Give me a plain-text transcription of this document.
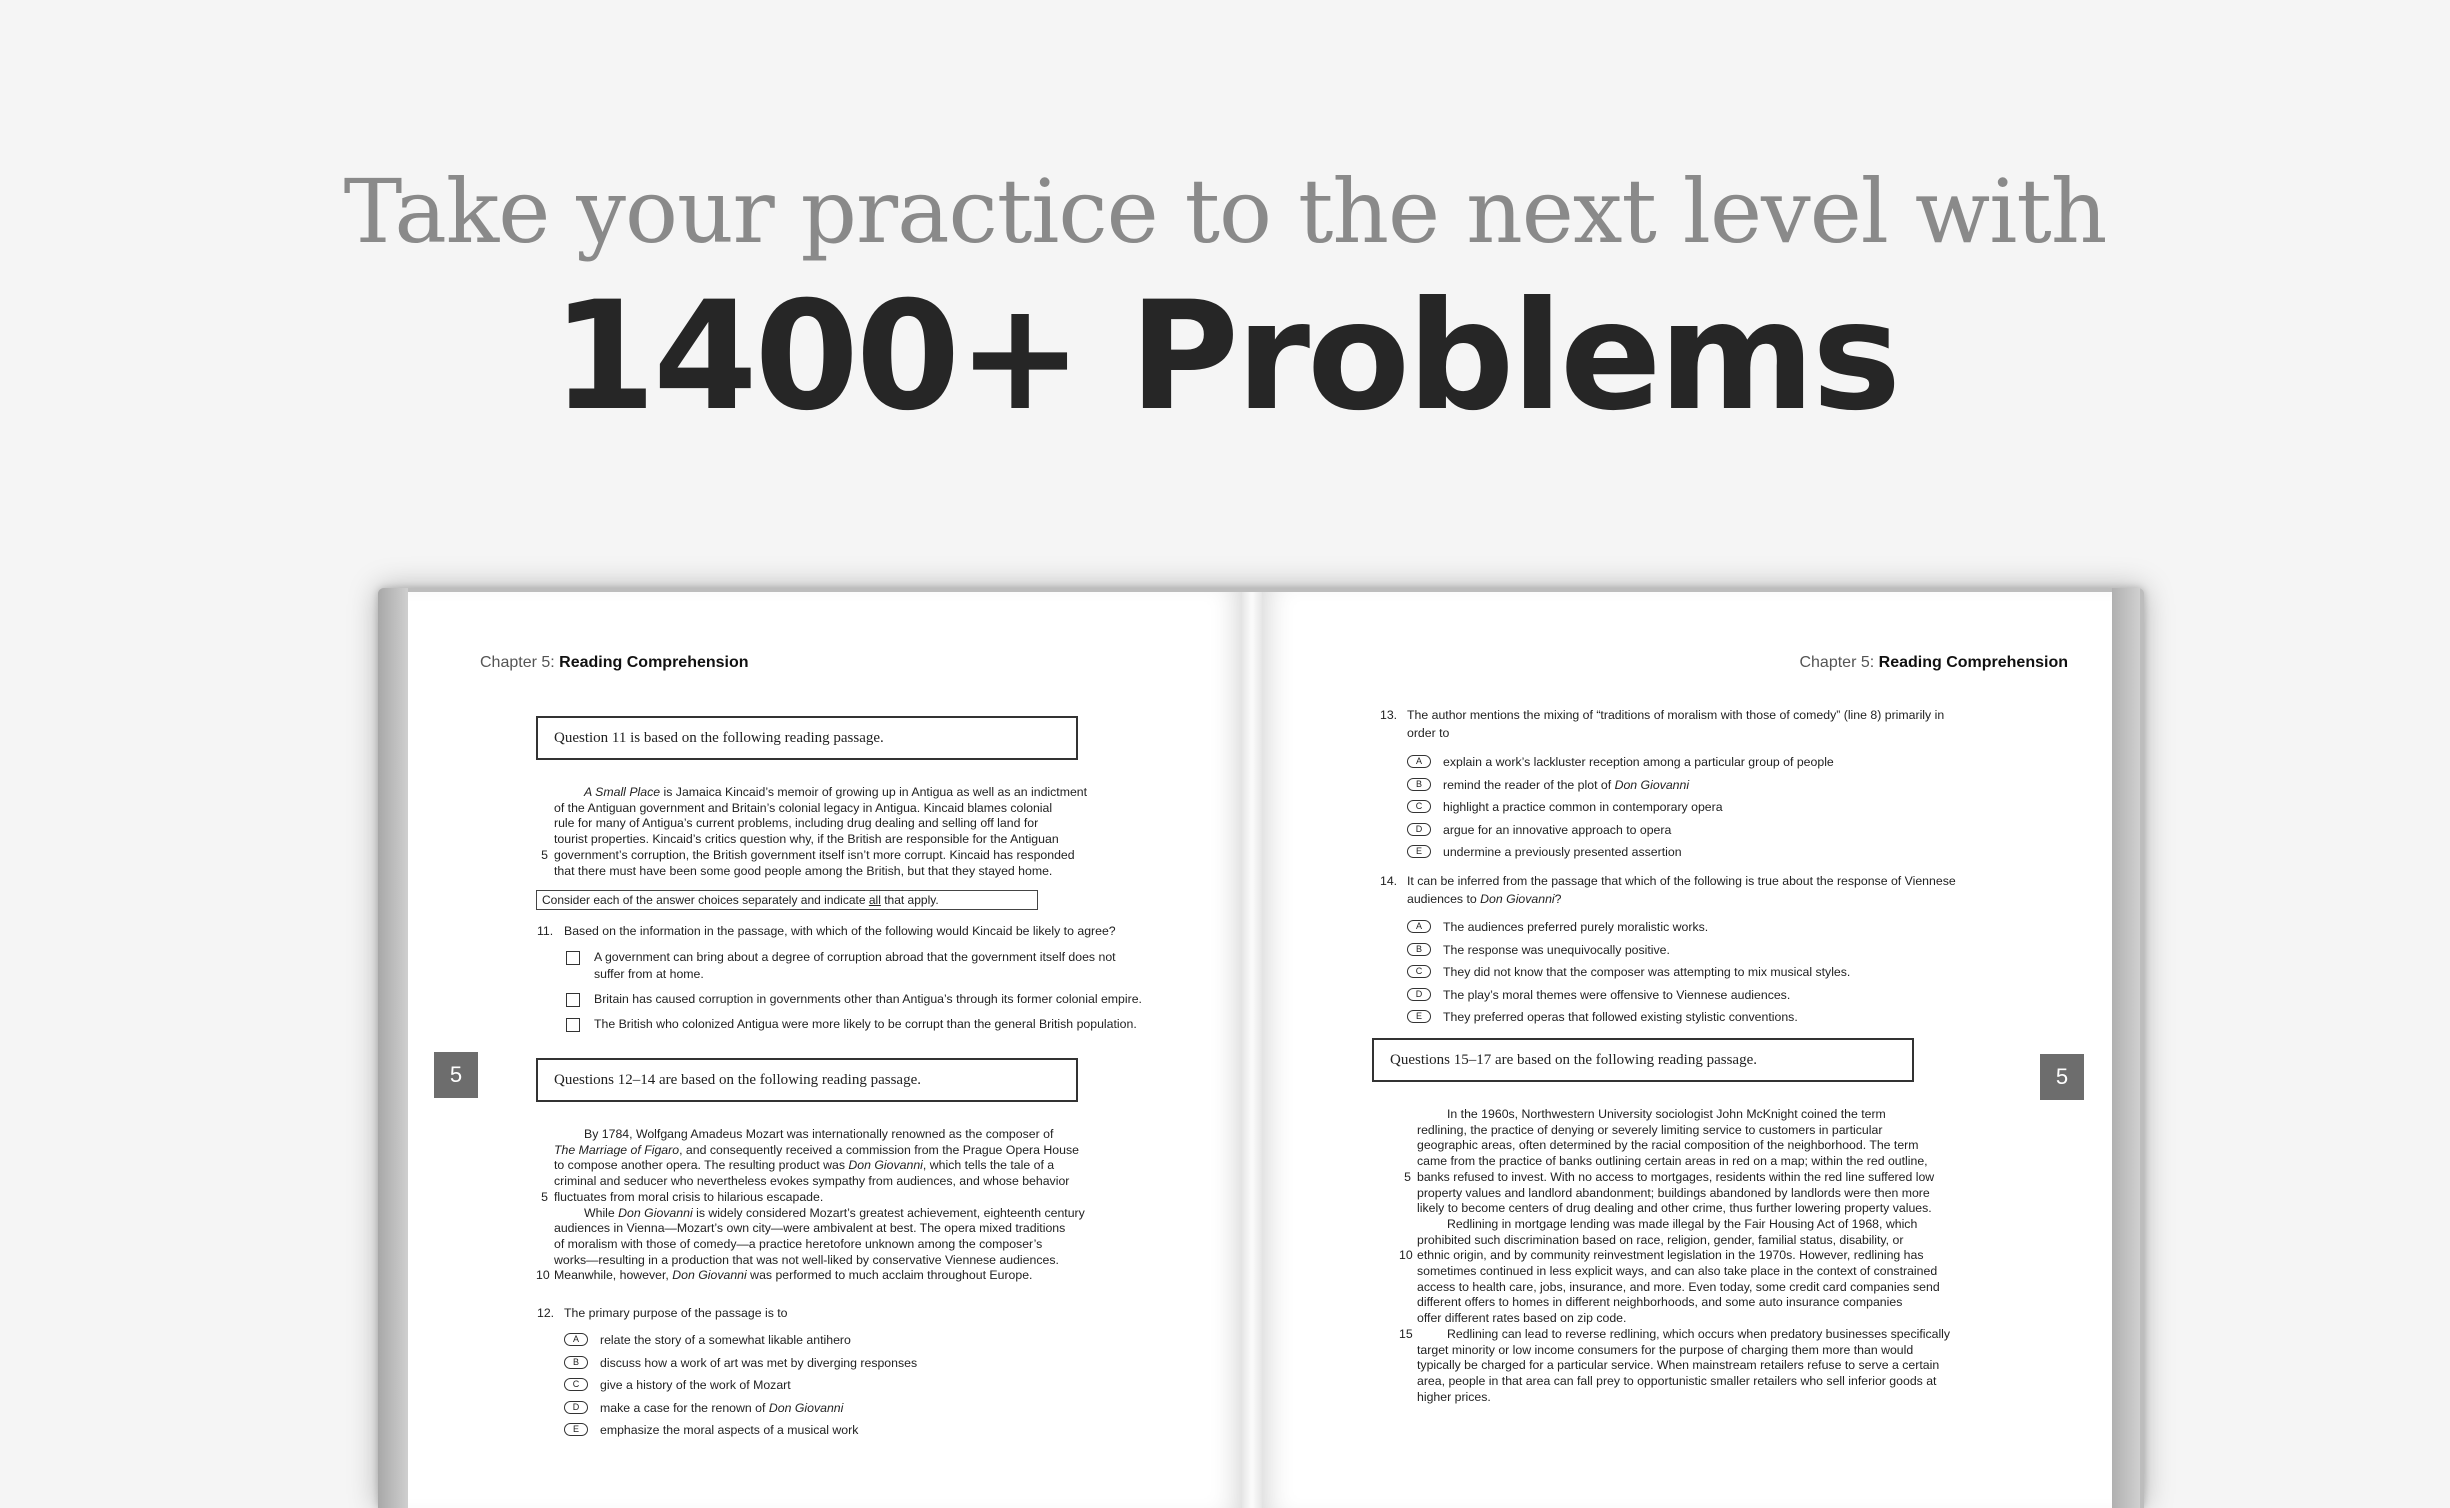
Take your practice to the next level with
1400+ Problems
Chapter 5: Reading Comprehension
Question 11 is based on the following reading passage.
A Small Place is Jamaica Kincaid’s memoir of growing up in Antigua as well as an indictment
of the Antiguan government and Britain’s colonial legacy in Antigua. Kincaid blames colonial
rule for many of Antigua’s current problems, including drug dealing and selling off land for
tourist properties. Kincaid’s critics question why, if the British are responsible for the Antiguan
5 government’s corruption, the British government itself isn’t more corrupt. Kincaid has responded
that there must have been some good people among the British, but that they stayed home.
Consider each of the answer choices separately and indicate all that apply.
11. Based on the information in the passage, with which of the following would Kincaid be likely to agree?
A government can bring about a degree of corruption abroad that the government itself does not suffer from at home.
Britain has caused corruption in governments other than Antigua’s through its former colonial empire.
The British who colonized Antigua were more likely to be corrupt than the general British population.
Questions 12–14 are based on the following reading passage.
By 1784, Wolfgang Amadeus Mozart was internationally renowned as the composer of
The Marriage of Figaro, and consequently received a commission from the Prague Opera House
to compose another opera. The resulting product was Don Giovanni, which tells the tale of a
criminal and seducer who nevertheless evokes sympathy from audiences, and whose behavior
5 fluctuates from moral crisis to hilarious escapade.
While Don Giovanni is widely considered Mozart’s greatest achievement, eighteenth century
audiences in Vienna—Mozart’s own city—were ambivalent at best. The opera mixed traditions
of moralism with those of comedy—a practice heretofore unknown among the composer’s
works—resulting in a production that was not well-liked by conservative Viennese audiences.
10 Meanwhile, however, Don Giovanni was performed to much acclaim throughout Europe.
12. The primary purpose of the passage is to
A	relate the story of a somewhat likable antihero
B	discuss how a work of art was met by diverging responses
C	give a history of the work of Mozart
D	make a case for the renown of Don Giovanni
E	emphasize the moral aspects of a musical work
Chapter 5: Reading Comprehension
13. The author mentions the mixing of “traditions of moralism with those of comedy” (line 8) primarily in
order to
A	explain a work’s lackluster reception among a particular group of people
B	remind the reader of the plot of Don Giovanni
C	highlight a practice common in contemporary opera
D	argue for an innovative approach to opera
E	undermine a previously presented assertion
14. It can be inferred from the passage that which of the following is true about the response of Viennese
audiences to Don Giovanni?
A	The audiences preferred purely moralistic works.
B	The response was unequivocally positive.
C	They did not know that the composer was attempting to mix musical styles.
D	The play’s moral themes were offensive to Viennese audiences.
E	They preferred operas that followed existing stylistic conventions.
Questions 15–17 are based on the following reading passage.
In the 1960s, Northwestern University sociologist John McKnight coined the term
redlining, the practice of denying or severely limiting service to customers in particular
geographic areas, often determined by the racial composition of the neighborhood. The term
came from the practice of banks outlining certain areas in red on a map; within the red outline,
5 banks refused to invest. With no access to mortgages, residents within the red line suffered low
property values and landlord abandonment; buildings abandoned by landlords were then more
likely to become centers of drug dealing and other crime, thus further lowering property values.
Redlining in mortgage lending was made illegal by the Fair Housing Act of 1968, which
prohibited such discrimination based on race, religion, gender, familial status, disability, or
10 ethnic origin, and by community reinvestment legislation in the 1970s. However, redlining has
sometimes continued in less explicit ways, and can also take place in the context of constrained
access to health care, jobs, insurance, and more. Even today, some credit card companies send
different offers to homes in different neighborhoods, and some auto insurance companies
offer different rates based on zip code.
15	Redlining can lead to reverse redlining, which occurs when predatory businesses specifically
target minority or low income consumers for the purpose of charging them more than would
typically be charged for a particular service. When mainstream retailers refuse to serve a certain
area, people in that area can fall prey to opportunistic smaller retailers who sell inferior goods at
higher prices.
5	5
